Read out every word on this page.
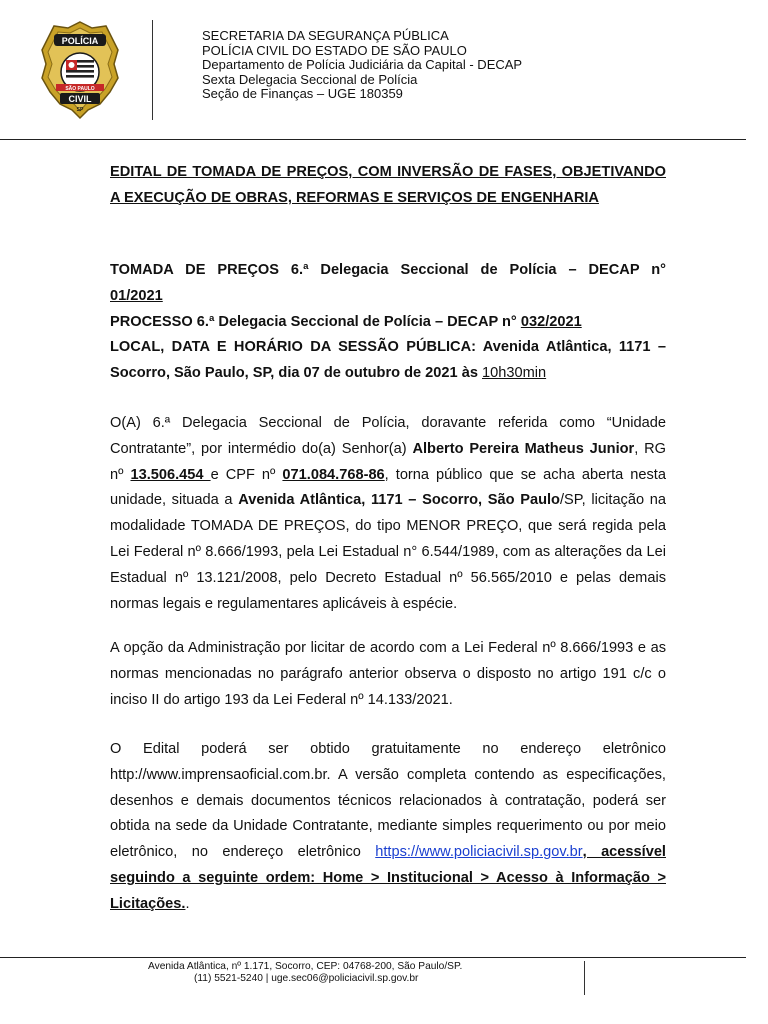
POLÍCIA
SÃO PAULO
CIVIL
SP
SECRETARIA DA SEGURANÇA PÚBLICA
POLÍCIA CIVIL DO ESTADO DE SÃO PAULO
Departamento de Polícia Judiciária da Capital - DECAP
Sexta Delegacia Seccional de Polícia
Seção de Finanças – UGE 180359
EDITAL DE TOMADA DE PREÇOS, COM INVERSÃO DE FASES, OBJETIVANDO A EXECUÇÃO DE OBRAS, REFORMAS E SERVIÇOS DE ENGENHARIA
TOMADA DE PREÇOS 6.ª Delegacia Seccional de Polícia – DECAP n°
01/2021
PROCESSO 6.ª Delegacia Seccional de Polícia – DECAP n° 032/2021
LOCAL, DATA E HORÁRIO DA SESSÃO PÚBLICA: Avenida Atlântica, 1171 – Socorro, São Paulo, SP, dia 07 de outubro de 2021 às 10h30min
O(A) 6.ª Delegacia Seccional de Polícia, doravante referida como “Unidade Contratante”, por intermédio do(a) Senhor(a) Alberto Pereira Matheus Junior, RG nº 13.506.454 e CPF nº 071.084.768-86, torna público que se acha aberta nesta unidade, situada a Avenida Atlântica, 1171 – Socorro, São Paulo/SP, licitação na modalidade TOMADA DE PREÇOS, do tipo MENOR PREÇO, que será regida pela Lei Federal nº 8.666/1993, pela Lei Estadual n° 6.544/1989, com as alterações da Lei Estadual nº 13.121/2008, pelo Decreto Estadual nº 56.565/2010 e pelas demais normas legais e regulamentares aplicáveis à espécie.
A opção da Administração por licitar de acordo com a Lei Federal nº 8.666/1993 e as normas mencionadas no parágrafo anterior observa o disposto no artigo 191 c/c o inciso II do artigo 193 da Lei Federal nº 14.133/2021.
O Edital poderá ser obtido gratuitamente no endereço eletrônico http://www.imprensaoficial.com.br. A versão completa contendo as especificações, desenhos e demais documentos técnicos relacionados à contratação, poderá ser obtida na sede da Unidade Contratante, mediante simples requerimento ou por meio eletrônico, no endereço eletrônico https://www.policiacivil.sp.gov.br, acessível seguindo a seguinte ordem: Home > Institucional > Acesso à Informação > Licitações..
Avenida Atlântica, nº 1.171, Socorro, CEP: 04768-200, São Paulo/SP.
(11) 5521-5240 | uge.sec06@policiacivil.sp.gov.br
